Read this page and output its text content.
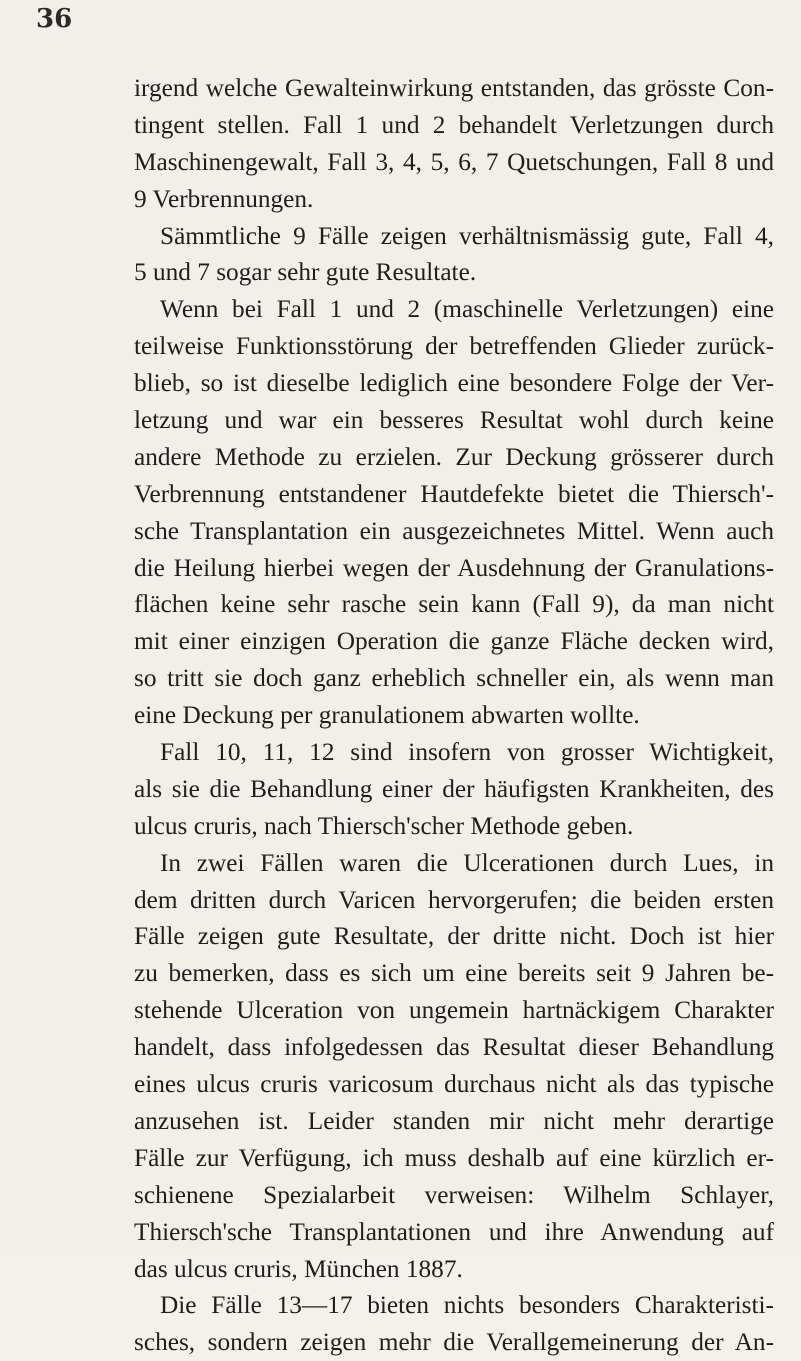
36
irgend welche Gewalteinwirkung entstanden, das grösste Con-
tingent stellen. Fall 1 und 2 behandelt Verletzungen durch
Maschinengewalt, Fall 3, 4, 5, 6, 7 Quetschungen, Fall 8 und
9 Verbrennungen.
Sämmtliche 9 Fälle zeigen verhältnismässig gute, Fall 4,
5 und 7 sogar sehr gute Resultate.
Wenn bei Fall 1 und 2 (maschinelle Verletzungen) eine
teilweise Funktionsstörung der betreffenden Glieder zurück-
blieb, so ist dieselbe lediglich eine besondere Folge der Ver-
letzung und war ein besseres Resultat wohl durch keine
andere Methode zu erzielen. Zur Deckung grösserer durch
Verbrennung entstandener Hautdefekte bietet die Thiersch'-
sche Transplantation ein ausgezeichnetes Mittel. Wenn auch
die Heilung hierbei wegen der Ausdehnung der Granulations-
flächen keine sehr rasche sein kann (Fall 9), da man nicht
mit einer einzigen Operation die ganze Fläche decken wird,
so tritt sie doch ganz erheblich schneller ein, als wenn man
eine Deckung per granulationem abwarten wollte.
Fall 10, 11, 12 sind insofern von grosser Wichtigkeit,
als sie die Behandlung einer der häufigsten Krankheiten, des
ulcus cruris, nach Thiersch'scher Methode geben.
In zwei Fällen waren die Ulcerationen durch Lues, in
dem dritten durch Varicen hervorgerufen; die beiden ersten
Fälle zeigen gute Resultate, der dritte nicht. Doch ist hier
zu bemerken, dass es sich um eine bereits seit 9 Jahren be-
stehende Ulceration von ungemein hartnäckigem Charakter
handelt, dass infolgedessen das Resultat dieser Behandlung
eines ulcus cruris varicosum durchaus nicht als das typische
anzusehen ist. Leider standen mir nicht mehr derartige
Fälle zur Verfügung, ich muss deshalb auf eine kürzlich er-
schienene Spezialarbeit verweisen: Wilhelm Schlayer,
Thiersch'sche Transplantationen und ihre Anwendung auf
das ulcus cruris, München 1887.
Die Fälle 13—17 bieten nichts besonders Charakteristi-
sches, sondern zeigen mehr die Verallgemeinerung der An-
